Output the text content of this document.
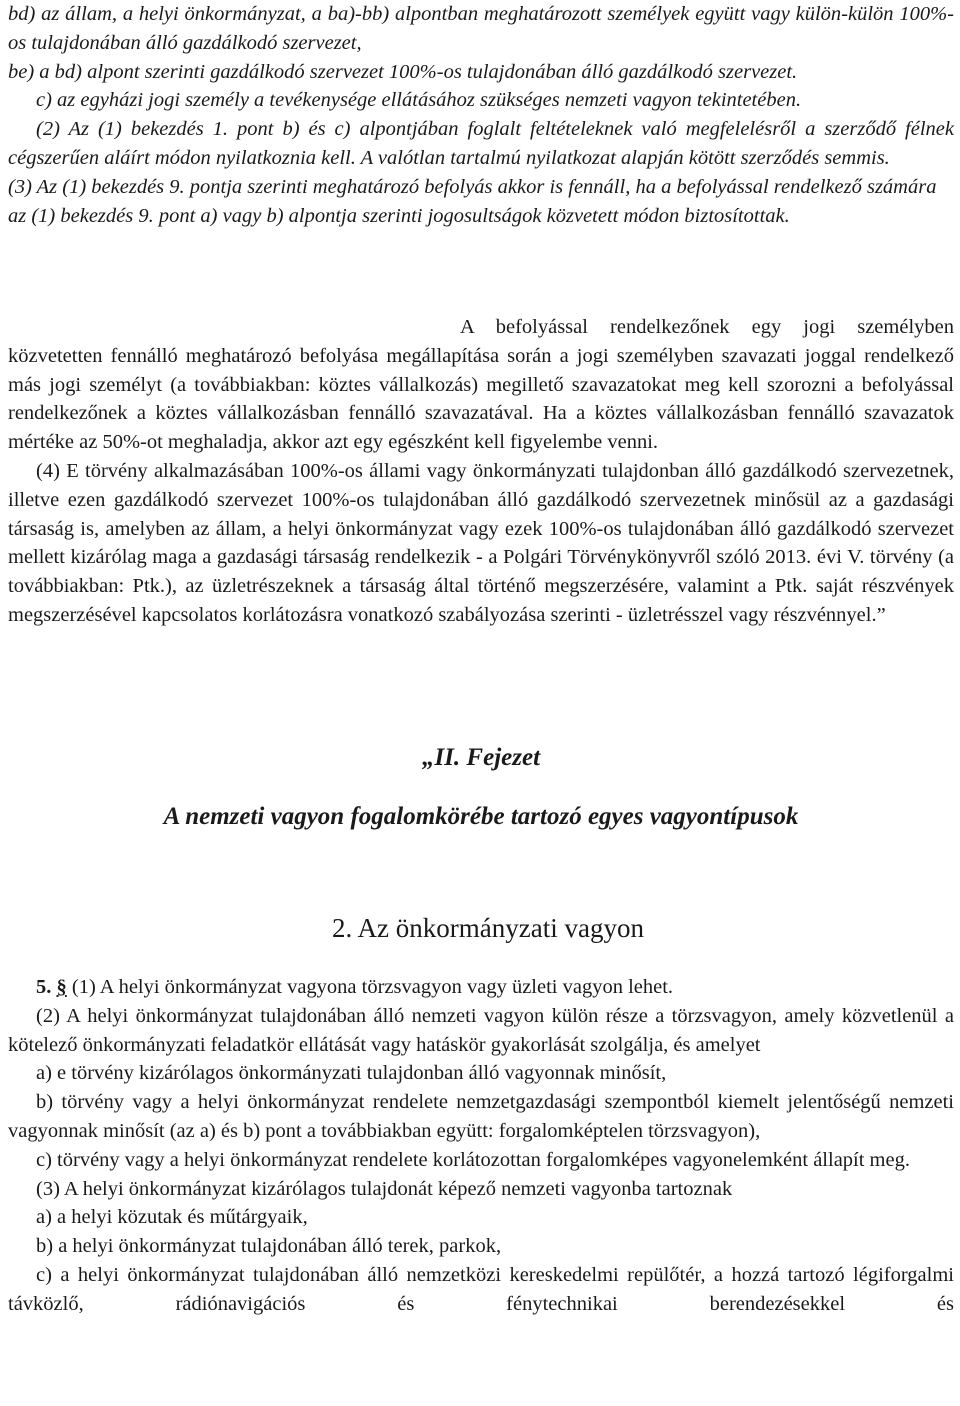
bd) az állam, a helyi önkormányzat, a ba)-bb) alpontban meghatározott személyek együtt vagy külön-külön 100%-os tulajdonában álló gazdálkodó szervezet,

be) a bd) alpont szerinti gazdálkodó szervezet 100%-os tulajdonában álló gazdálkodó szervezet.

c) az egyházi jogi személy a tevékenysége ellátásához szükséges nemzeti vagyon tekintetében.

(2) Az (1) bekezdés 1. pont b) és c) alpontjában foglalt feltételeknek való megfelelésről a szerződő félnek cégszerűen aláírt módon nyilatkoznia kell. A valótlan tartalmú nyilatkozat alapján kötött szerződés semmis.

(3) Az (1) bekezdés 9. pontja szerinti meghatározó befolyás akkor is fennáll, ha a befolyással rendelkező számára az (1) bekezdés 9. pont a) vagy b) alpontja szerinti jogosultságok közvetett módon biztosítottak.

A befolyással rendelkezőnek egy jogi személyben közvetetten fennálló meghatározó befolyása megállapítása során a jogi személyben szavazati joggal rendelkező más jogi személyt (a továbbiakban: köztes vállalkozás) megillető szavazatokat meg kell szorozni a befolyással rendelkezőnek a köztes vállalkozásban fennálló szavazatával. Ha a köztes vállalkozásban fennálló szavazatok mértéke az 50%-ot meghaladja, akkor azt egy egészként kell figyelembe venni.

(4) E törvény alkalmazásában 100%-os állami vagy önkormányzati tulajdonban álló gazdálkodó szervezetnek, illetve ezen gazdálkodó szervezet 100%-os tulajdonában álló gazdálkodó szervezetnek minősül az a gazdasági társaság is, amelyben az állam, a helyi önkormányzat vagy ezek 100%-os tulajdonában álló gazdálkodó szervezet mellett kizárólag maga a gazdasági társaság rendelkezik - a Polgári Törvénykönyvről szóló 2013. évi V. törvény (a továbbiakban: Ptk.), az üzletrészeknek a társaság által történő megszerzésére, valamint a Ptk. saját részvények megszerzésével kapcsolatos korlátozásra vonatkozó szabályozása szerinti - üzletrésszel vagy részvénnyel.”

„II. Fejezet
A nemzeti vagyon fogalomkörébe tartozó egyes vagyontípusok
2. Az önkormányzati vagyon

5. § (1) A helyi önkormányzat vagyona törzsvagyon vagy üzleti vagyon lehet.

(2) A helyi önkormányzat tulajdonában álló nemzeti vagyon külön része a törzsvagyon, amely közvetlenül a kötelező önkormányzati feladatkör ellátását vagy hatáskör gyakorlását szolgálja, és amelyet

a) e törvény kizárólagos önkormányzati tulajdonban álló vagyonnak minősít,

b) törvény vagy a helyi önkormányzat rendelete nemzetgazdasági szempontból kiemelt jelentőségű nemzeti vagyonnak minősít (az a) és b) pont a továbbiakban együtt: forgalomképtelen törzsvagyon),

c) törvény vagy a helyi önkormányzat rendelete korlátozottan forgalomképes vagyonelemként állapít meg.

(3) A helyi önkormányzat kizárólagos tulajdonát képező nemzeti vagyonba tartoznak

a) a helyi közutak és műtárgyaik,

b) a helyi önkormányzat tulajdonában álló terek, parkok,

c) a helyi önkormányzat tulajdonában álló nemzetközi kereskedelmi repülőtér, a hozzá tartozó légiforgalmi távközlő, rádiónavigációs és fénytechnikai berendezésekkel és
